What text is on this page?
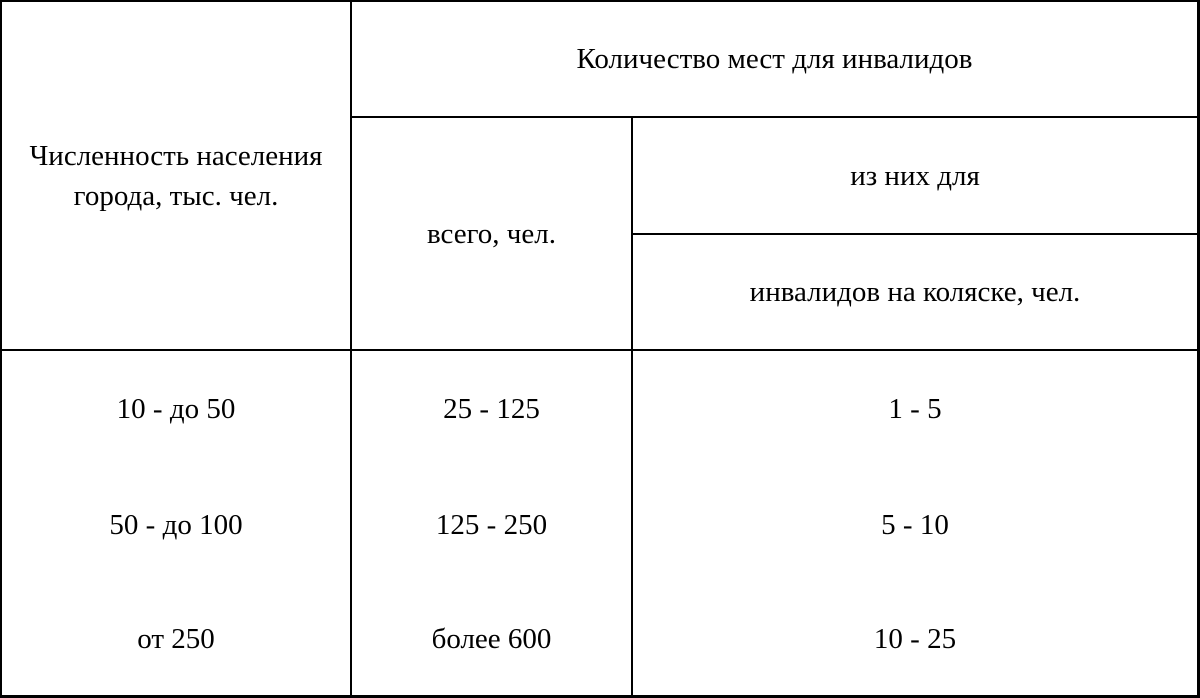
Численность населения города, тыс. чел.
Количество мест для инвалидов
всего, чел.
из них для
инвалидов на коляске, чел.
10 - до 50	25 - 125	1 - 5
50 - до 100	125 - 250	5 - 10
от 250	более 600	10 - 25
